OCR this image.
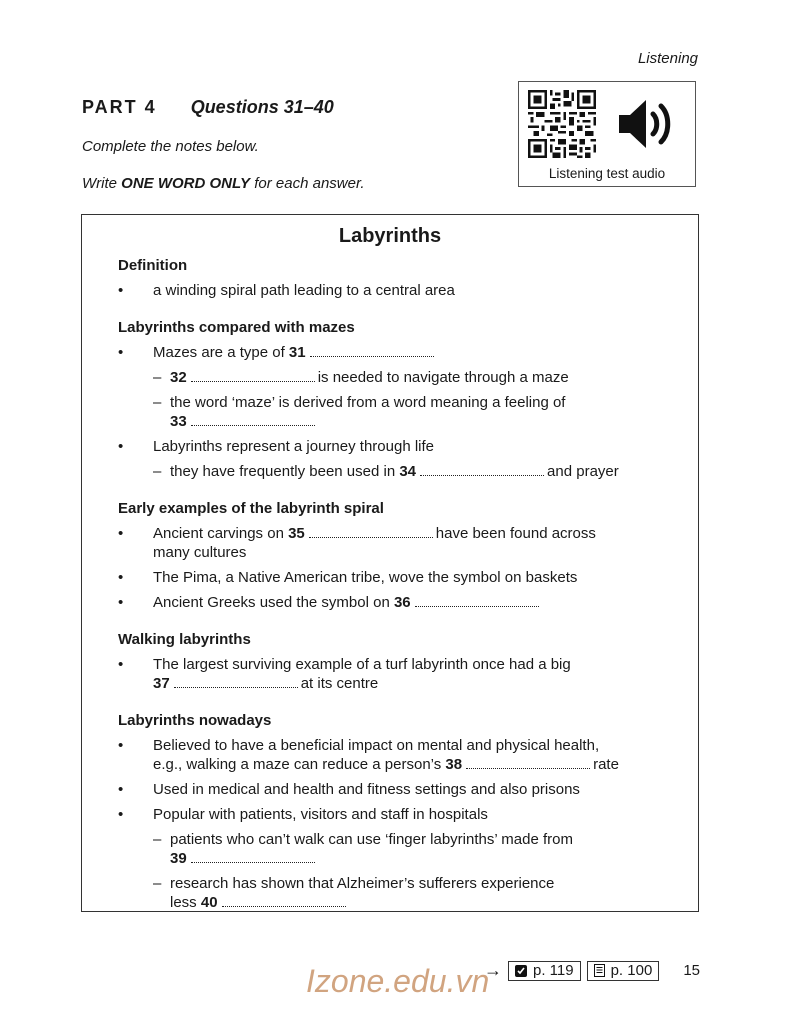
Listening
PART 4 Questions 31–40
Complete the notes below.
Write ONE WORD ONLY for each answer.
Listening test audio
Labyrinths

Definition

• a winding spiral path leading to a central area

Labyrinths compared with mazes

• Mazes are a type of 31

– 32	is needed to navigate through a maze

– the word ‘maze’ is derived from a word meaning a feeling of
33

• Labyrinths represent a journey through life

– they have frequently been used in 34	and prayer

Early examples of the labyrinth spiral

• Ancient carvings on 35	have been found across
many cultures

• The Pima, a Native American tribe, wove the symbol on baskets

• Ancient Greeks used the symbol on 36

Walking labyrinths

• The largest surviving example of a turf labyrinth once had a big
37	at its centre

Labyrinths nowadays

• Believed to have a beneficial impact on mental and physical health,
e.g., walking a maze can reduce a person’s 38	rate

• Used in medical and health and fitness settings and also prisons

• Popular with patients, visitors and staff in hospitals

– patients who can’t walk can use ‘finger labyrinths’ made from
39

– research has shown that Alzheimer’s sufferers experience
less 40

→ p. 119 p. 100 15
Izone.edu.vn
